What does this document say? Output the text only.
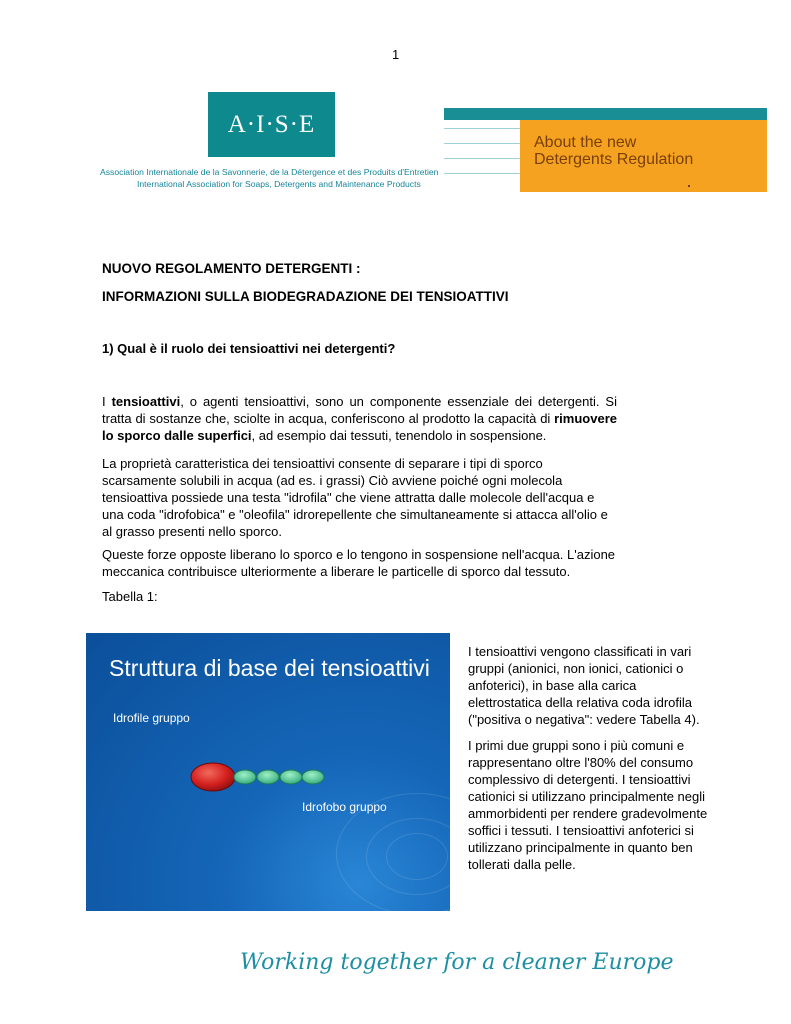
1
A·I·S·E
Association Internationale de la Savonnerie, de la Détergence et des Produits d'Entretien
International Association for Soaps, Detergents and Maintenance Products
About the new
Detergents Regulation
NUOVO REGOLAMENTO DETERGENTI :
INFORMAZIONI SULLA BIODEGRADAZIONE DEI TENSIOATTIVI
1) Qual è il ruolo dei tensioattivi nei detergenti?
I tensioattivi, o agenti tensioattivi, sono un componente essenziale dei detergenti. Si tratta di sostanze che, sciolte in acqua, conferiscono al prodotto la capacità di rimuovere lo sporco dalle superfici, ad esempio dai tessuti, tenendolo in sospensione.
La proprietà caratteristica dei tensioattivi consente di separare i tipi di sporco scarsamente solubili in acqua (ad es. i grassi) Ciò avviene poiché ogni molecola tensioattiva possiede una testa "idrofila" che viene attratta dalle molecole dell'acqua e una coda "idrofobica" e "oleofila" idrorepellente che simultaneamente si attacca all'olio e al grasso presenti nello sporco.
Queste forze opposte liberano lo sporco e lo tengono in sospensione nell'acqua. L'azione meccanica contribuisce ulteriormente a liberare le particelle di sporco dal tessuto.
Tabella 1:
Struttura di base dei tensioattivi
Idrofile gruppo
Idrofobo gruppo

I tensioattivi vengono classificati in vari gruppi (anionici, non ionici, cationici o anfoterici), in base alla carica elettrostatica della relativa coda idrofila ("positiva o negativa": vedere Tabella 4).

I primi due gruppi sono i più comuni e rappresentano oltre l'80% del consumo complessivo di detergenti. I tensioattivi cationici si utilizzano principalmente negli ammorbidenti per rendere gradevolmente soffici i tessuti. I tensioattivi anfoterici si utilizzano principalmente in quanto ben tollerati dalla pelle.

Working together for a cleaner Europe
